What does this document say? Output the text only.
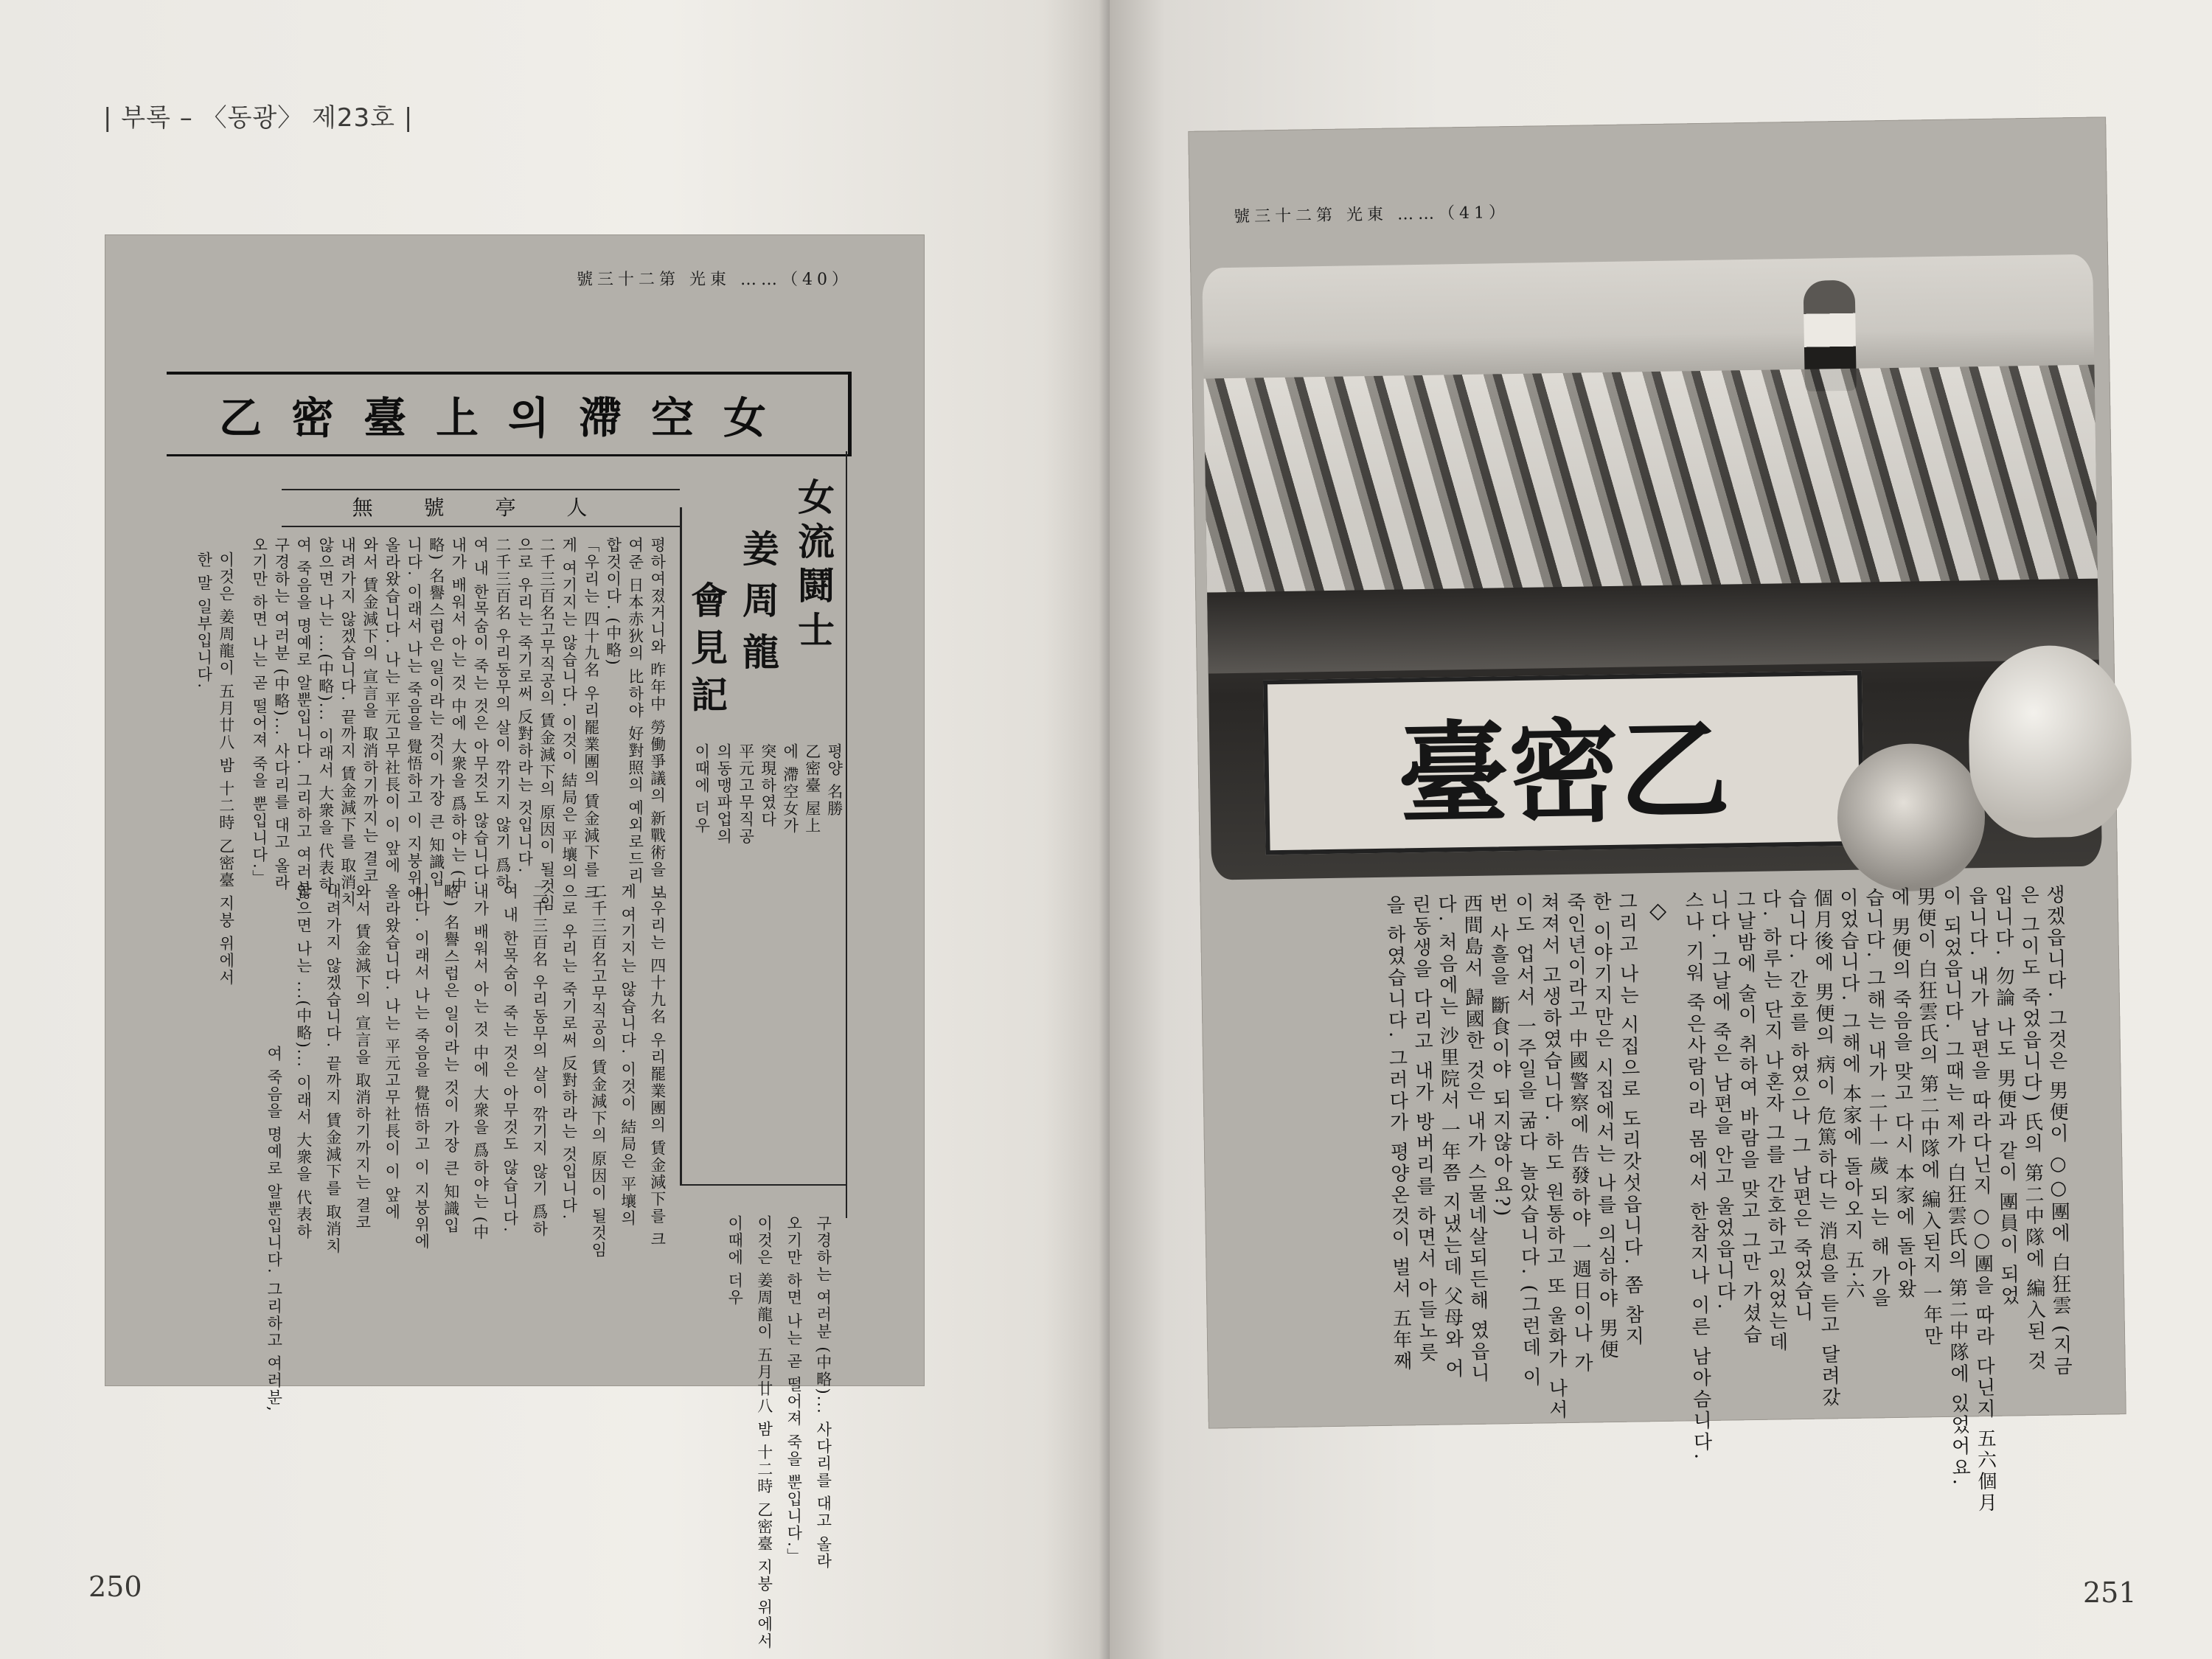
| 부록 – 〈동광〉 제23호 |
號三十二第 光東 ……（40）
乙密臺上의滯空女
女流鬪士
姜周龍
會見記
無 號 亭 人
평양 名勝
乙密臺 屋上
에 滯空女가
突現하였다
平元고무직공
의동맹파업의
이때에 더우
평하여졌거니와 昨年中 勞働爭議의 新戰術을 보
여준 日本赤狄의 比하야 好對照의 예외로드리
합것이다. (中略)
「우리는 四十九名 우리罷業團의 賃金減下를 크
게 여기지는 않습니다. 이것이 結局은 平壤의
二千三百名고무직공의 賃金減下의 原因이 될것임
으로 우리는 죽기로써 反對하라는 것입니다.
二千三百名 우리동무의 살이 깎기지 않기 爲하
여 내 한목숨이 죽는 것은 아무것도 않습니다.
내가 배워서 아는 것 中에 大衆을 爲하야는 (中
略) 名譽스럽은 일이라는 것이 가장 큰 知識입
니다. 이래서 나는 죽음을 覺悟하고 이 지붕위에
올라왔습니다. 나는 平元고무社長이 이 앞에
와서 賃金減下의 宣言을 取消하기까지는 결코
내려가지 않겠습니다. 끝까지 賃金減下를 取消치
않으면 나는 ...(中略)... 이래서 大衆을 代表하
여 죽음을 명예로 알뿐입니다. 그리하고 여러분,
구경하는 여러분 (中略)... 사다리를 대고 올라
오기만 하면 나는 곧 떨어져 죽을 뿐입니다.」
이것은 姜周龍이 五月廿八 밤 十二時 乙密臺 지붕 위에서
한 말 일부입니다.
「우리는 四十九名 우리罷業團의 賃金減下를 크
게 여기지는 않습니다. 이것이 結局은 平壤의
二千三百名고무직공의 賃金減下의 原因이 될것임
으로 우리는 죽기로써 反對하라는 것입니다.
二千三百名 우리동무의 살이 깎기지 않기 爲하
여 내 한목숨이 죽는 것은 아무것도 않습니다.
내가 배워서 아는 것 中에 大衆을 爲하야는 (中
略) 名譽스럽은 일이라는 것이 가장 큰 知識입
니다. 이래서 나는 죽음을 覺悟하고 이 지붕위에
올라왔습니다. 나는 平元고무社長이 이 앞에
와서 賃金減下의 宣言을 取消하기까지는 결코
내려가지 않겠습니다. 끝까지 賃金減下를 取消치
않으면 나는 ...(中略)... 이래서 大衆을 代表하
여 죽음을 명예로 알뿐입니다. 그리하고 여러분,	구경하는 여러분 (中略)... 사다리를 대고 올라
오기만 하면 나는 곧 떨어져 죽을 뿐입니다.」
이것은 姜周龍이 五月廿八 밤 十二時 乙密臺 지붕 위에서
이때에 더우
250
號三十二第 光東 ……（41）
臺密乙
생겠읍니다. 그것은 男便이 ○○團에 白狂雲 (지금
은 그이도 죽었읍니다) 氏의 第二中隊에 編入된 것
입니다. 勿論 나도 男便과 같이 團員이 되었
읍니다. 내가 남편을 따라다닌지 ○○團을 따라 다닌지 五六個月
이 되었읍니다. 그때는 제가 白狂雲氏의 第二中隊에 있었어요.
男便이 白狂雲氏의 第二中隊에 編入된지 一年만
에 男便의 죽음을 맞고 다시 本家에 돌아왔
습니다. 그해는 내가 二十一歲 되는 해 가을
이었습니다. 그해에 本家에 돌아오지 五·六
個月後에 男便의 病이 危篤하다는 消息을 듣고 달려갔
습니다. 간호를 하였으나 그 남편은 죽었습니
다. 하루는 단지 나혼자 그를 간호하고 있었는데
그날밤에 술이 취하여 바람을 맞고 그만 가셨습
니다. 그날에 죽은 남편을 안고 울었읍니다.
스나 기워 죽은사람이라 몸에서 한참지나 이른 남아슴니다.
◇
그리고 나는 시집으로 도리갓섯읍니다. 쫌 참지
한 이야기지만은 시집에서는 나를 의심하야 男便
죽인년이라고 中國警察에 告發하야 一週日이나 가
쳐져서 고생하였습니다. 하도 원통하고 또 울화가 나서
이도 업서서 一주일을 굶다 놀았습니다. (그런데 이
번 사흘을 斷食이야 되지않아요?)
西間島서 歸國한 것은 내가 스물네살되든해 였읍니
다. 처음에는 沙里院서 一年쯤 지냈는데 父母와 어
린동생을 다리고 내가 방버리를 하면서 아들노릇
을 하였습니다. 그러다가 평양온것이 벌서 五年째
251
